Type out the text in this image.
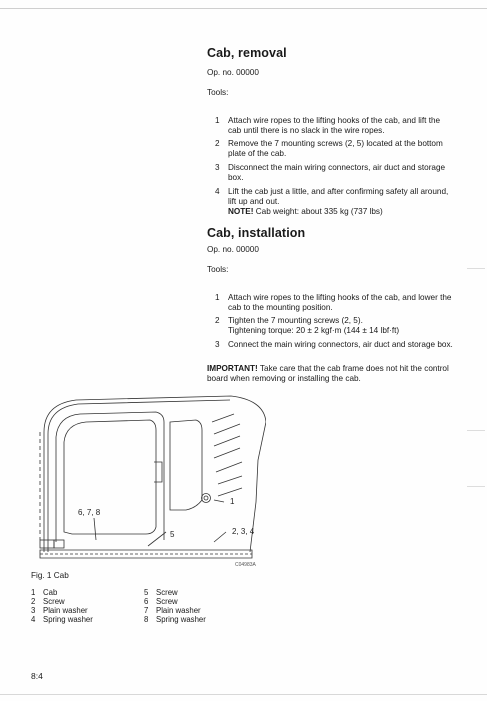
Cab, removal
Op. no. 00000
Tools:
1 Attach wire ropes to the lifting hooks of the cab, and lift the cab until there is no slack in the wire ropes.
2 Remove the 7 mounting screws (2, 5) located at the bottom plate of the cab.
3 Disconnect the main wiring connectors, air duct and storage box.
4 Lift the cab just a little, and after confirming safety all around, lift up and out.
NOTE! Cab weight: about 335 kg (737 lbs)
Cab, installation
Op. no. 00000
Tools:
1 Attach wire ropes to the lifting hooks of the cab, and lower the cab to the mounting position.
2 Tighten the 7 mounting screws (2, 5).
Tightening torque: 20 ± 2 kgf·m (144 ± 14 lbf·ft)
3 Connect the main wiring connectors, air duct and storage box.
IMPORTANT! Take care that the cab frame does not hit the control board when removing or installing the cab.
6, 7, 8
1
2, 3, 4
5
C04983A
Fig. 1 Cab
1 Cab
2 Screw
3 Plain washer
4 Spring washer
5 Screw
6 Screw
7 Plain washer
8 Spring washer
8:4
